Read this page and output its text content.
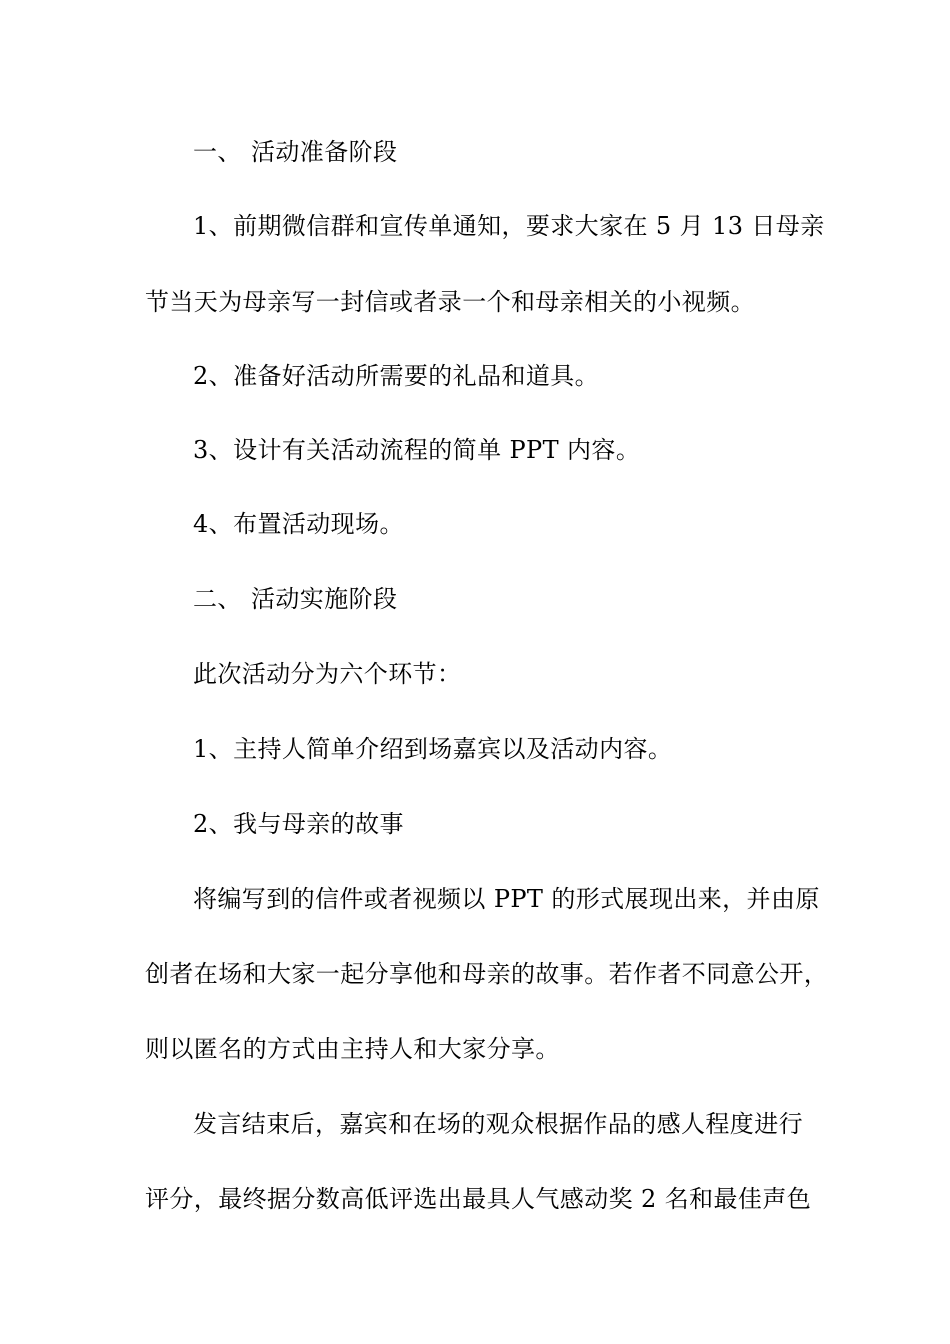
一、 活动准备阶段
1、前期微信群和宣传单通知，要求大家在 5 月 13 日母亲
节当天为母亲写一封信或者录一个和母亲相关的小视频。
2、准备好活动所需要的礼品和道具。
3、设计有关活动流程的简单 PPT 内容。
4、布置活动现场。
二、 活动实施阶段
此次活动分为六个环节：
1、主持人简单介绍到场嘉宾以及活动内容。
2、我与母亲的故事
将编写到的信件或者视频以 PPT 的形式展现出来，并由原
创者在场和大家一起分享他和母亲的故事。若作者不同意公开，
则以匿名的方式由主持人和大家分享。
发言结束后，嘉宾和在场的观众根据作品的感人程度进行
评分，最终据分数高低评选出最具人气感动奖 2 名和最佳声色
